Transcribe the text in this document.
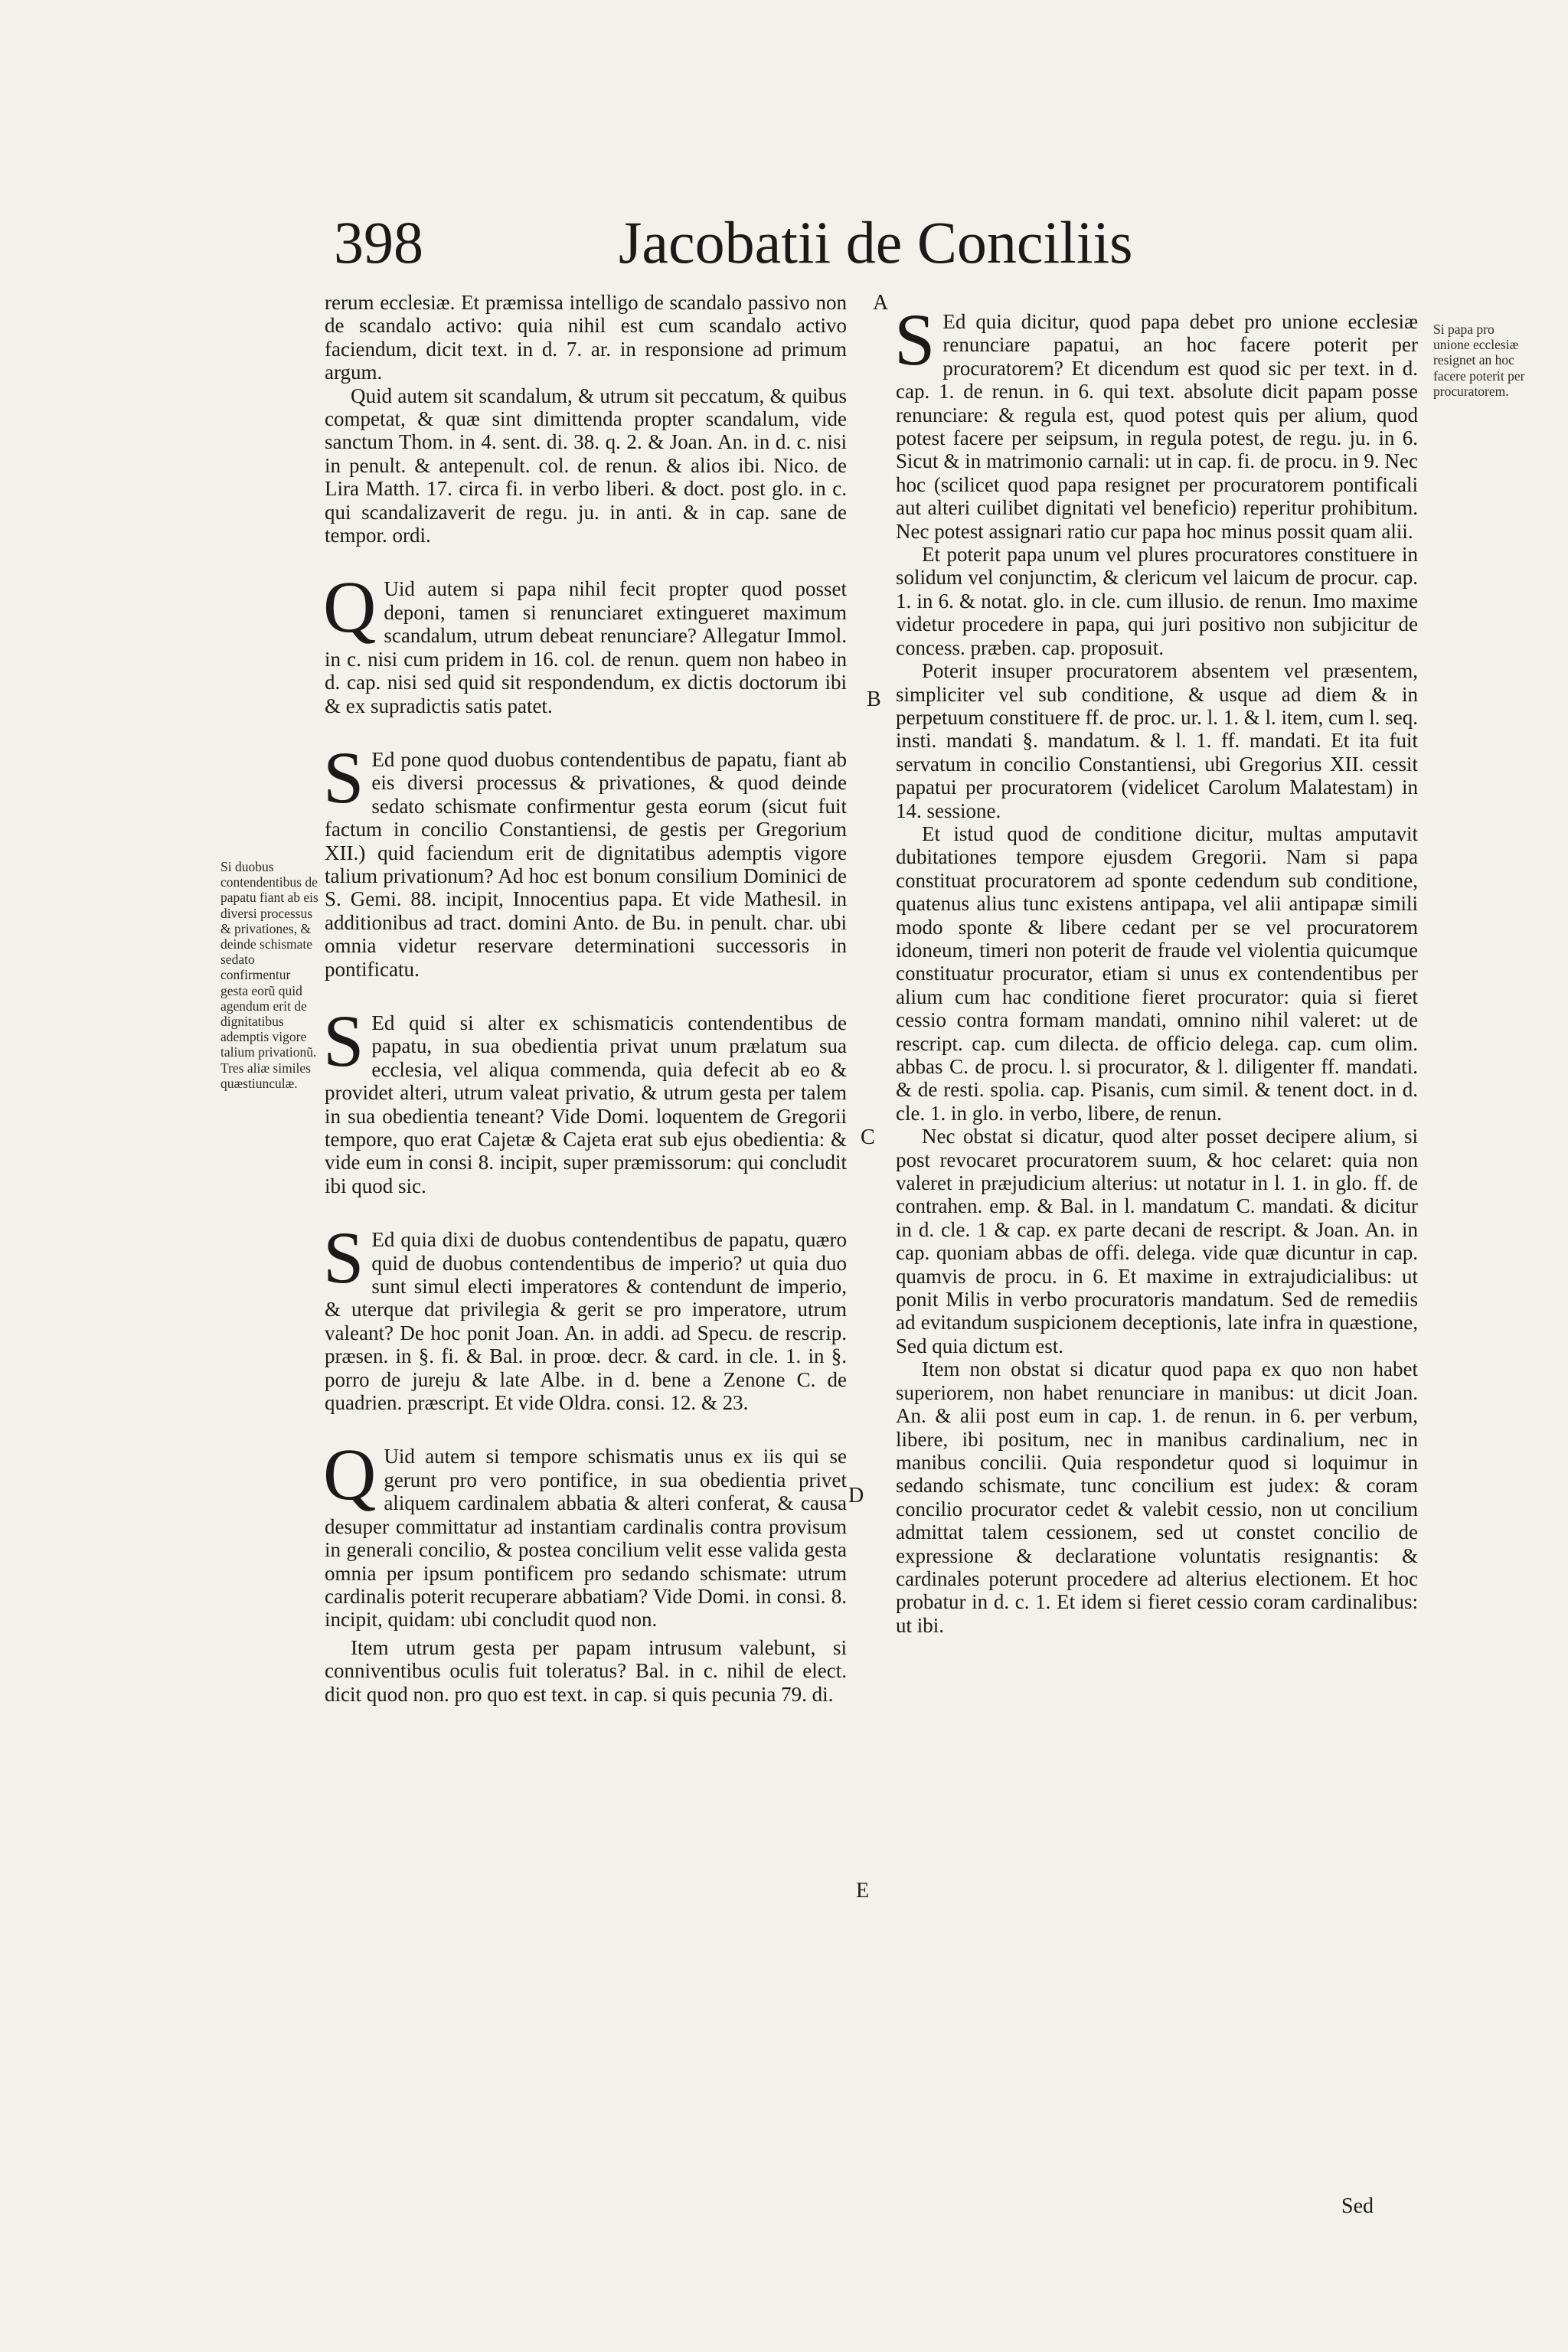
398	Jacobatii de Conciliis
Si duobus contendentibus de papatu fiant ab eis diversi processus & privationes, & deinde schismate sedato confirmentur gesta eorũ quid agendum erit de dignitatibus ademptis vigore talium privationũ. Tres aliæ similes quæstiunculæ.
Si papa pro unione ecclesiæ resignet an hoc facere poterit per procuratorem.
A
B
C
D
E

rerum ecclesiæ. Et præmissa intelligo de scandalo passivo non de scandalo activo: quia nihil est cum scandalo activo faciendum, dicit text. in d. 7. ar. in responsione ad primum argum.

Quid autem sit scandalum, & utrum sit peccatum, & quibus competat, & quæ sint dimittenda propter scandalum, vide sanctum Thom. in 4. sent. di. 38. q. 2. & Joan. An. in d. c. nisi in penult. & antepenult. col. de renun. & alios ibi. Nico. de Lira Matth. 17. circa fi. in verbo liberi. & doct. post glo. in c. qui scandalizaverit de regu. ju. in anti. & in cap. sane de tempor. ordi.

Q Uid autem si papa nihil fecit propter quod posset deponi, tamen si renunciaret extingueret maximum scandalum, utrum debeat renunciare? Allegatur Immol. in c. nisi cum pridem in 16. col. de renun. quem non habeo in d. cap. nisi sed quid sit respondendum, ex dictis doctorum ibi & ex supradictis satis patet.

S Ed pone quod duobus contendentibus de papatu, fiant ab eis diversi processus & privationes, & quod deinde sedato schismate confirmentur gesta eorum (sicut fuit factum in concilio Constantiensi, de gestis per Gregorium XII.) quid faciendum erit de dignitatibus ademptis vigore talium privationum? Ad hoc est bonum consilium Dominici de S. Gemi. 88. incipit, Innocentius papa. Et vide Mathesil. in additionibus ad tract. domini Anto. de Bu. in penult. char. ubi omnia videtur reservare determinationi successoris in pontificatu.

S Ed quid si alter ex schismaticis contendentibus de papatu, in sua obedientia privat unum prælatum sua ecclesia, vel aliqua commenda, quia defecit ab eo & providet alteri, utrum valeat privatio, & utrum gesta per talem in sua obedientia teneant? Vide Domi. loquentem de Gregorii tempore, quo erat Cajetæ & Cajeta erat sub ejus obedientia: & vide eum in consi 8. incipit, super præmissorum: qui concludit ibi quod sic.

S Ed quia dixi de duobus contendentibus de papatu, quæro quid de duobus contendentibus de imperio? ut quia duo sunt simul electi imperatores & contendunt de imperio, & uterque dat privilegia & gerit se pro imperatore, utrum valeant? De hoc ponit Joan. An. in addi. ad Specu. de rescrip. præsen. in §. fi. & Bal. in proœ. decr. & card. in cle. 1. in §. porro de jureju & late Albe. in d. bene a Zenone C. de quadrien. præscript. Et vide Oldra. consi. 12. & 23.

Q Uid autem si tempore schismatis unus ex iis qui se gerunt pro vero pontifice, in sua obedientia privet aliquem cardinalem abbatia & alteri conferat, & causa desuper committatur ad instantiam cardinalis contra provisum in generali concilio, & postea concilium velit esse valida gesta omnia per ipsum pontificem pro sedando schismate: utrum cardinalis poterit recuperare abbatiam? Vide Domi. in consi. 8. incipit, quidam: ubi concludit quod non.

Item utrum gesta per papam intrusum valebunt, si conniventibus oculis fuit toleratus? Bal. in c. nihil de elect. dicit quod non. pro quo est text. in cap. si quis pecunia 79. di.

S Ed quia dicitur, quod papa debet pro unione ecclesiæ renunciare papatui, an hoc facere poterit per procuratorem? Et dicendum est quod sic per text. in d. cap. 1. de renun. in 6. qui text. absolute dicit papam posse renunciare: & regula est, quod potest quis per alium, quod potest facere per seipsum, in regula potest, de regu. ju. in 6. Sicut & in matrimonio carnali: ut in cap. fi. de procu. in 9. Nec hoc (scilicet quod papa resignet per procuratorem pontificali aut alteri cuilibet dignitati vel beneficio) reperitur prohibitum. Nec potest assignari ratio cur papa hoc minus possit quam alii.

Et poterit papa unum vel plures procuratores constituere in solidum vel conjunctim, & clericum vel laicum de procur. cap. 1. in 6. & notat. glo. in cle. cum illusio. de renun. Imo maxime videtur procedere in papa, qui juri positivo non subjicitur de concess. præben. cap. proposuit.

Poterit insuper procuratorem absentem vel præsentem, simpliciter vel sub conditione, & usque ad diem & in perpetuum constituere ff. de proc. ur. l. 1. & l. item, cum l. seq. insti. mandati §. mandatum. & l. 1. ff. mandati. Et ita fuit servatum in concilio Constantiensi, ubi Gregorius XII. cessit papatui per procuratorem (videlicet Carolum Malatestam) in 14. sessione.

Et istud quod de conditione dicitur, multas amputavit dubitationes tempore ejusdem Gregorii. Nam si papa constituat procuratorem ad sponte cedendum sub conditione, quatenus alius tunc existens antipapa, vel alii antipapæ simili modo sponte & libere cedant per se vel procuratorem idoneum, timeri non poterit de fraude vel violentia quicumque constituatur procurator, etiam si unus ex contendentibus per alium cum hac conditione fieret procurator: quia si fieret cessio contra formam mandati, omnino nihil valeret: ut de rescript. cap. cum dilecta. de officio delega. cap. cum olim. abbas C. de procu. l. si procurator, & l. diligenter ff. mandati. & de resti. spolia. cap. Pisanis, cum simil. & tenent doct. in d. cle. 1. in glo. in verbo, libere, de renun.

Nec obstat si dicatur, quod alter posset decipere alium, si post revocaret procuratorem suum, & hoc celaret: quia non valeret in præjudicium alterius: ut notatur in l. 1. in glo. ff. de contrahen. emp. & Bal. in l. mandatum C. mandati. & dicitur in d. cle. 1 & cap. ex parte decani de rescript. & Joan. An. in cap. quoniam abbas de offi. delega. vide quæ dicuntur in cap. quamvis de procu. in 6. Et maxime in extrajudicialibus: ut ponit Milis in verbo procuratoris mandatum. Sed de remediis ad evitandum suspicionem deceptionis, late infra in quæstione, Sed quia dictum est.

Item non obstat si dicatur quod papa ex quo non habet superiorem, non habet renunciare in manibus: ut dicit Joan. An. & alii post eum in cap. 1. de renun. in 6. per verbum, libere, ibi positum, nec in manibus cardinalium, nec in manibus concilii. Quia respondetur quod si loquimur in sedando schismate, tunc concilium est judex: & coram concilio procurator cedet & valebit cessio, non ut concilium admittat talem cessionem, sed ut constet concilio de expressione & declaratione voluntatis resignantis: & cardinales poterunt procedere ad alterius electionem. Et hoc probatur in d. c. 1. Et idem si fieret cessio coram cardinalibus: ut ibi.

Sed
